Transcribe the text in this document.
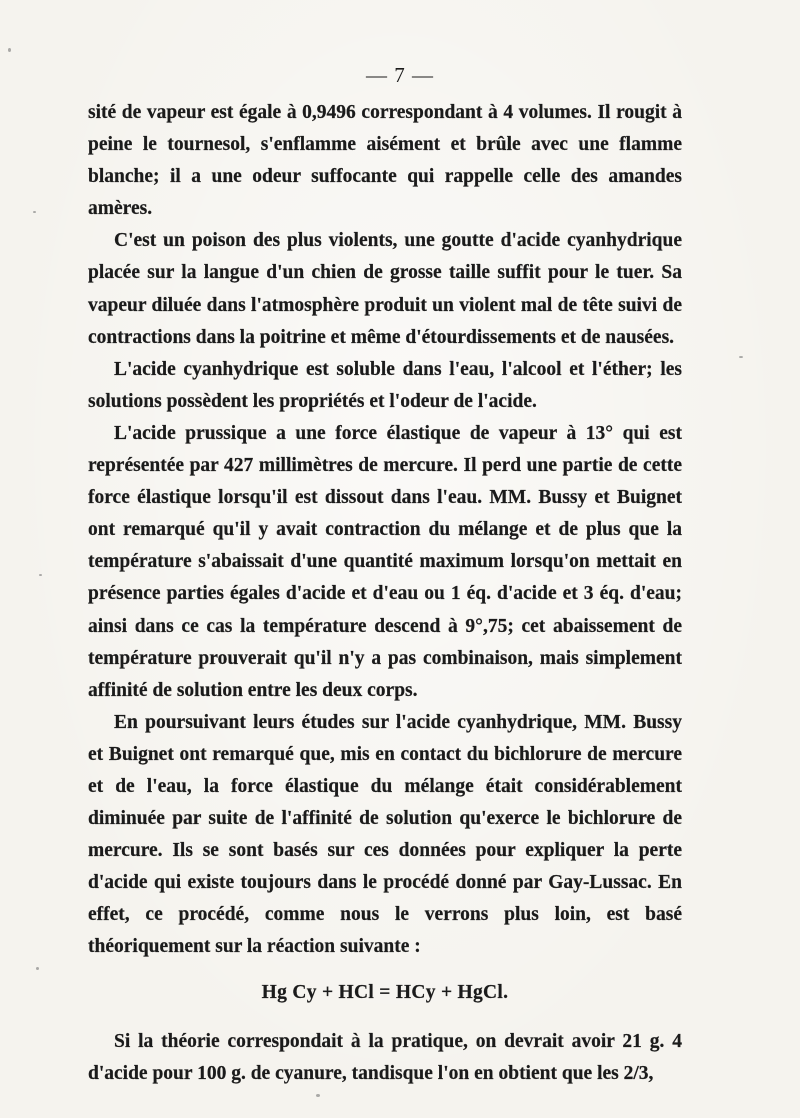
— 7 —

sité de vapeur est égale à 0,9496 correspondant à 4 volumes. Il rougit à peine le tournesol, s'enflamme aisément et brûle avec une flamme blanche; il a une odeur suffocante qui rappelle celle des amandes amères.

C'est un poison des plus violents, une goutte d'acide cyanhydrique placée sur la langue d'un chien de grosse taille suffit pour le tuer. Sa vapeur diluée dans l'atmosphère produit un violent mal de tête suivi de contractions dans la poitrine et même d'étourdissements et de nausées.

L'acide cyanhydrique est soluble dans l'eau, l'alcool et l'éther; les solutions possèdent les propriétés et l'odeur de l'acide.

L'acide prussique a une force élastique de vapeur à 13° qui est représentée par 427 millimètres de mercure. Il perd une partie de cette force élastique lorsqu'il est dissout dans l'eau. MM. Bussy et Buignet ont remarqué qu'il y avait contraction du mélange et de plus que la température s'abaissait d'une quantité maximum lorsqu'on mettait en présence parties égales d'acide et d'eau ou 1 éq. d'acide et 3 éq. d'eau; ainsi dans ce cas la température descend à 9°,75; cet abaissement de température prouverait qu'il n'y a pas combinaison, mais simplement affinité de solution entre les deux corps.

En poursuivant leurs études sur l'acide cyanhydrique, MM. Bussy et Buignet ont remarqué que, mis en contact du bichlorure de mercure et de l'eau, la force élastique du mélange était considérablement diminuée par suite de l'affinité de solution qu'exerce le bichlorure de mercure. Ils se sont basés sur ces données pour expliquer la perte d'acide qui existe toujours dans le procédé donné par Gay-Lussac. En effet, ce procédé, comme nous le verrons plus loin, est basé théoriquement sur la réaction suivante :

Hg Cy + HCl = HCy + HgCl.

Si la théorie correspondait à la pratique, on devrait avoir 21 g. 4 d'acide pour 100 g. de cyanure, tandisque l'on en obtient que les 2/3,
